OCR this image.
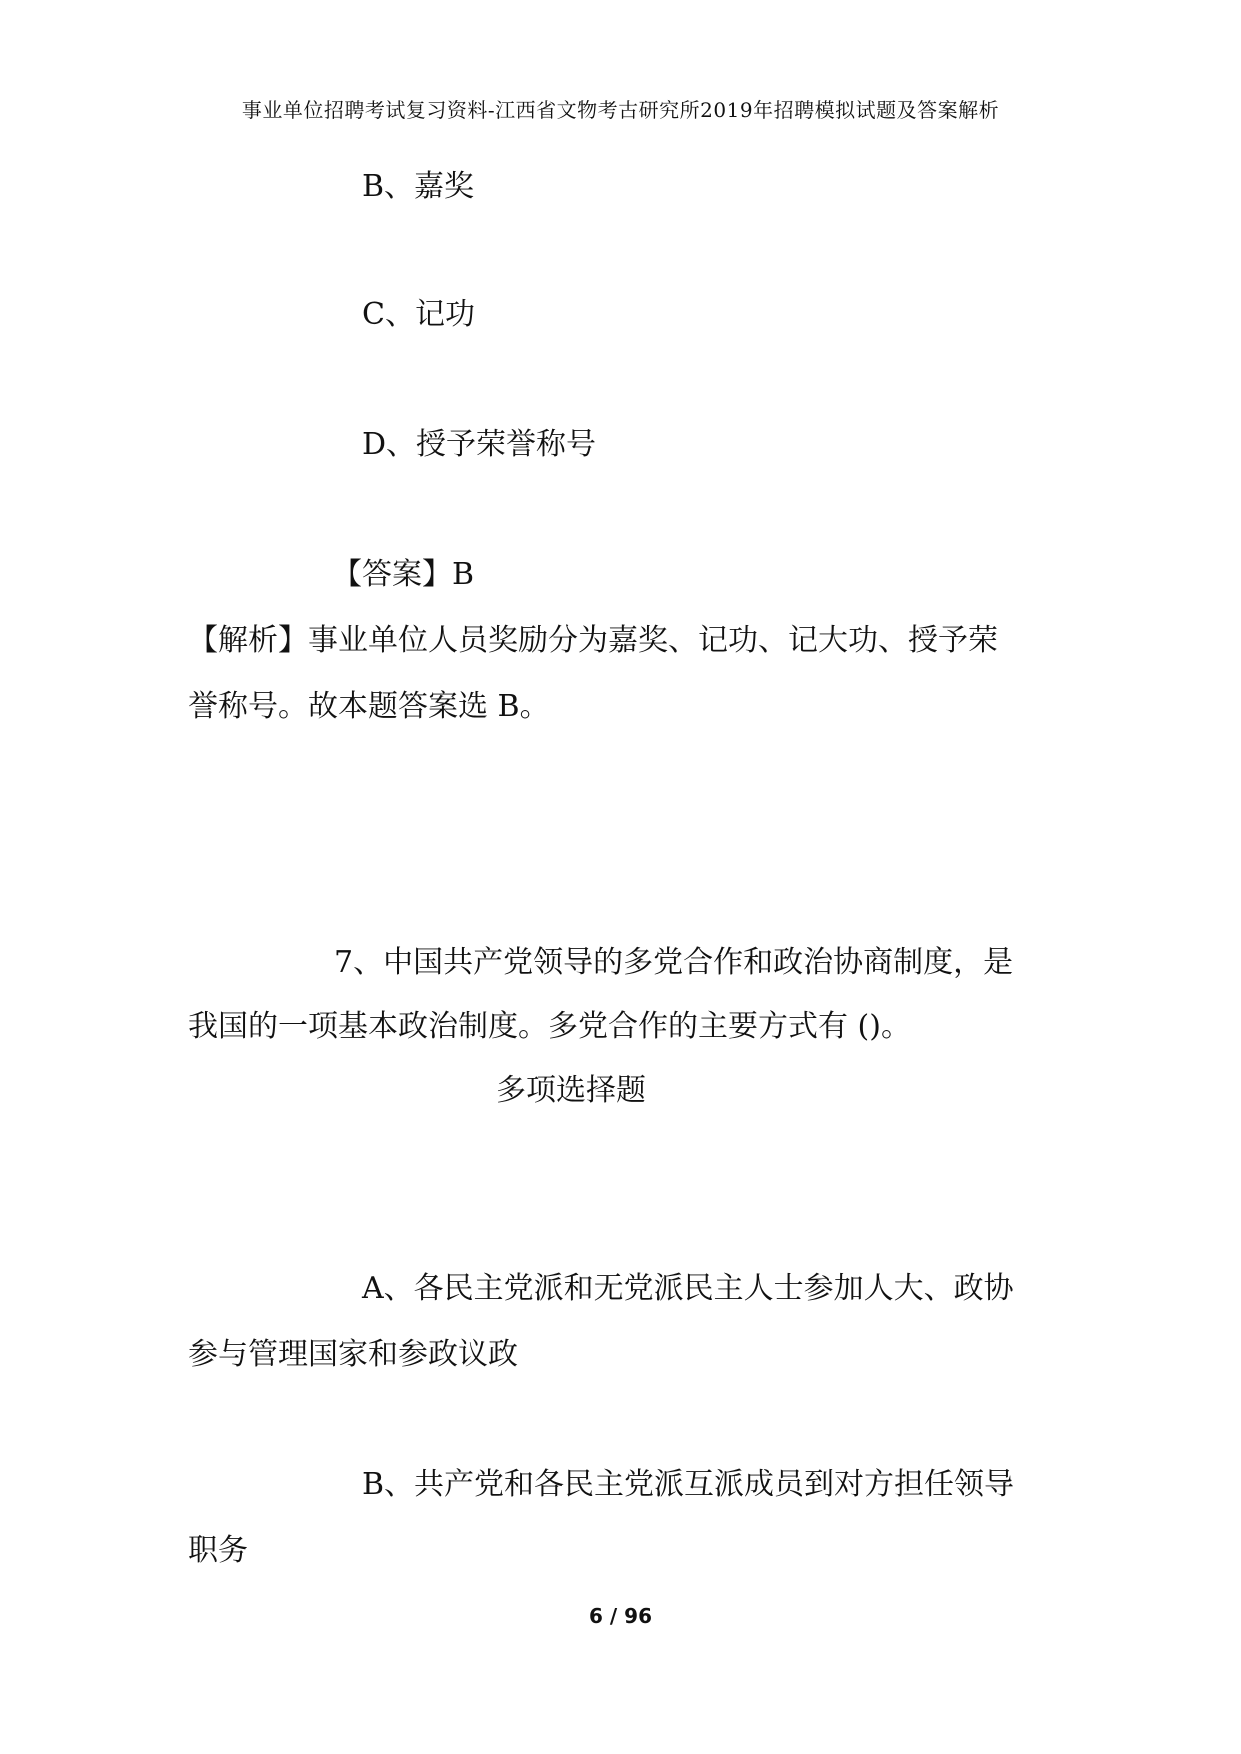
事业单位招聘考试复习资料-江西省文物考古研究所2019年招聘模拟试题及答案解析
B、嘉奖
C、记功
D、授予荣誉称号
【答案】B
【解析】事业单位人员奖励分为嘉奖、记功、记大功、授予荣
誉称号。故本题答案选 B。
7、中国共产党领导的多党合作和政治协商制度，是
我国的一项基本政治制度。多党合作的主要方式有 ()。
多项选择题
A、各民主党派和无党派民主人士参加人大、政协
参与管理国家和参政议政
B、共产党和各民主党派互派成员到对方担任领导
职务
6 / 96
